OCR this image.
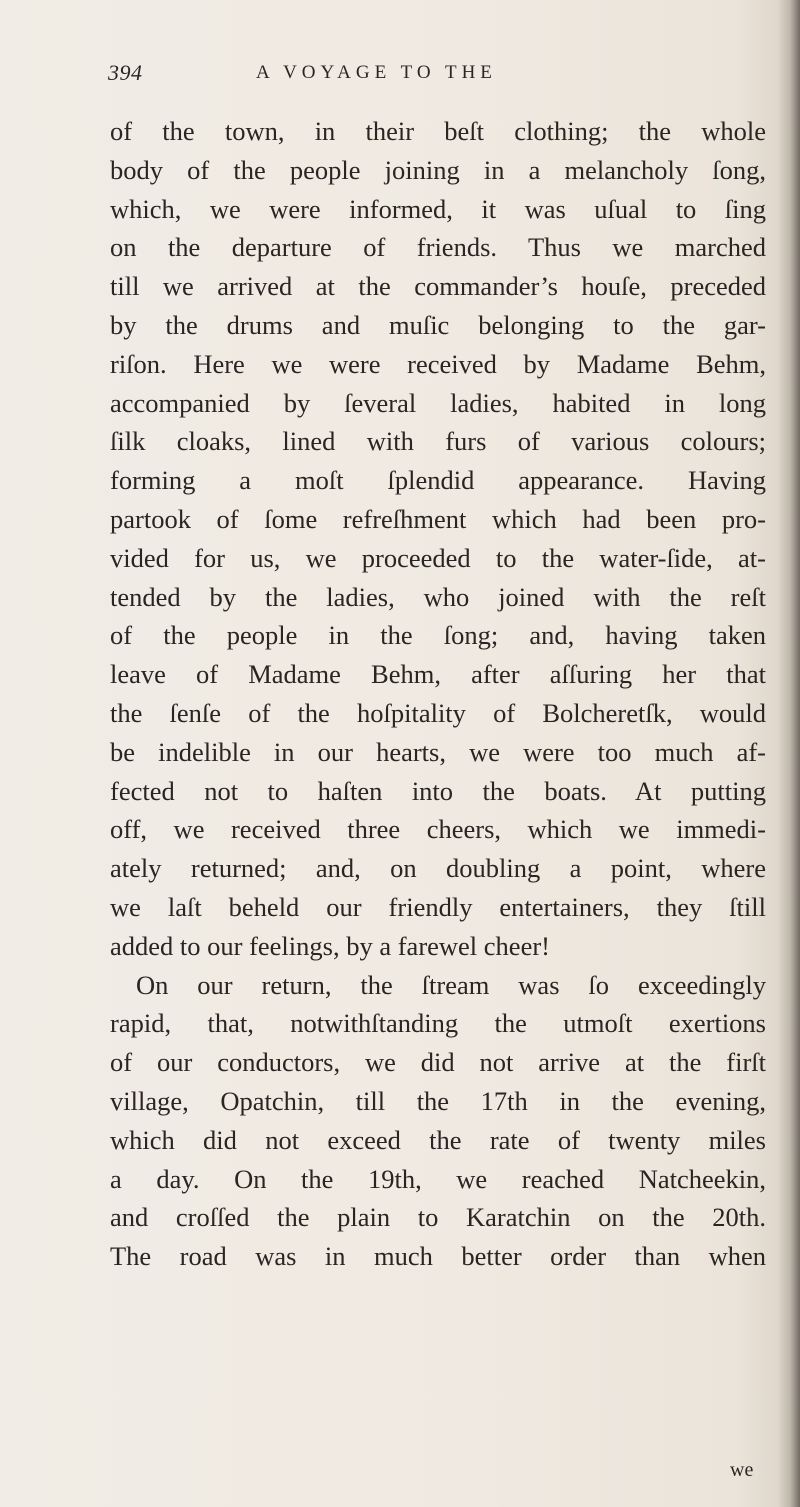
394	A VOYAGE TO THE
of the town, in their beſt clothing; the whole
body of the people joining in a melancholy ſong,
which, we were informed, it was uſual to ſing
on the departure of friends. Thus we marched
till we arrived at the commander’s houſe, preceded
by the drums and muſic belonging to the gar-
riſon. Here we were received by Madame Behm,
accompanied by ſeveral ladies, habited in long
ſilk cloaks, lined with furs of various colours;
forming a moſt ſplendid appearance. Having
partook of ſome refreſhment which had been pro-
vided for us, we proceeded to the water-ſide, at-
tended by the ladies, who joined with the reſt
of the people in the ſong; and, having taken
leave of Madame Behm, after aſſuring her that
the ſenſe of the hoſpitality of Bolcheretſk, would
be indelible in our hearts, we were too much af-
fected not to haſten into the boats. At putting
off, we received three cheers, which we immedi-
ately returned; and, on doubling a point, where
we laſt beheld our friendly entertainers, they ſtill
added to our feelings, by a farewel cheer!
On our return, the ſtream was ſo exceedingly
rapid, that, notwithſtanding the utmoſt exertions
of our conductors, we did not arrive at the firſt
village, Opatchin, till the 17th in the evening,
which did not exceed the rate of twenty miles
a day. On the 19th, we reached Natcheekin,
and croſſed the plain to Karatchin on the 20th.
The road was in much better order than when
we
